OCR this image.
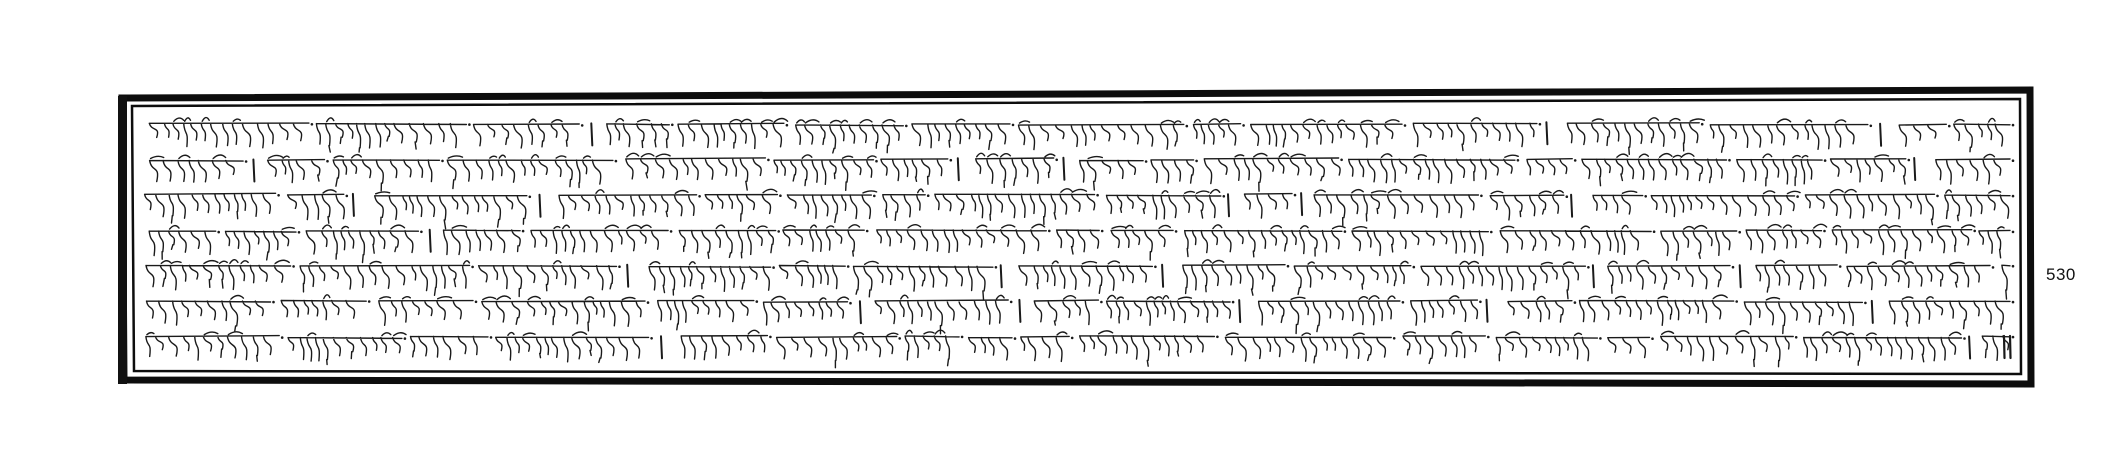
530
